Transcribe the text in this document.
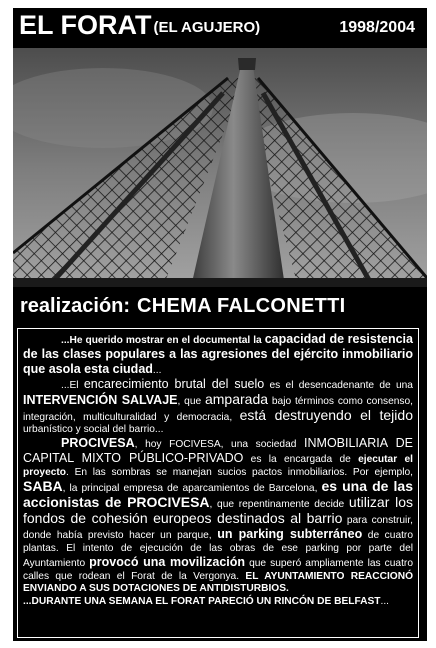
EL FORAT (EL AGUJERO)	1998/2004
realización: CHEMA FALCONETTI

...He querido mostrar en el documental la capacidad de resistencia de las clases populares a las agresiones del ejército inmobiliario que asola esta ciudad...

...El encarecimiento brutal del suelo es el desencadenante de una INTERVENCIÓN SALVAJE, que amparada bajo términos como consenso, integración, multiculturalidad y democracia, está destruyendo el tejido urbanístico y social del barrio...

PROCIVESA, hoy FOCIVESA, una sociedad INMOBILIARIA DE CAPITAL MIXTO PÚBLICO-PRIVADO es la encargada de ejecutar el proyecto. En las sombras se manejan sucios pactos inmobiliarios. Por ejemplo, SABA, la principal empresa de aparcamientos de Barcelona, es una de las accionistas de PROCIVESA, que repentinamente decide utilizar los fondos de cohesión europeos destinados al barrio para construir, donde había previsto hacer un parque, un parking subterráneo de cuatro plantas. El intento de ejecución de las obras de ese parking por parte del Ayuntamiento provocó una movilización que superó ampliamente las cuatro calles que rodean el Forat de la Vergonya. EL AYUNTAMIENTO REACCIONÓ ENVIANDO A SUS DOTACIONES DE ANTIDISTURBIOS.

...DURANTE UNA SEMANA EL FORAT PARECIÓ UN RINCÓN DE BELFAST...
